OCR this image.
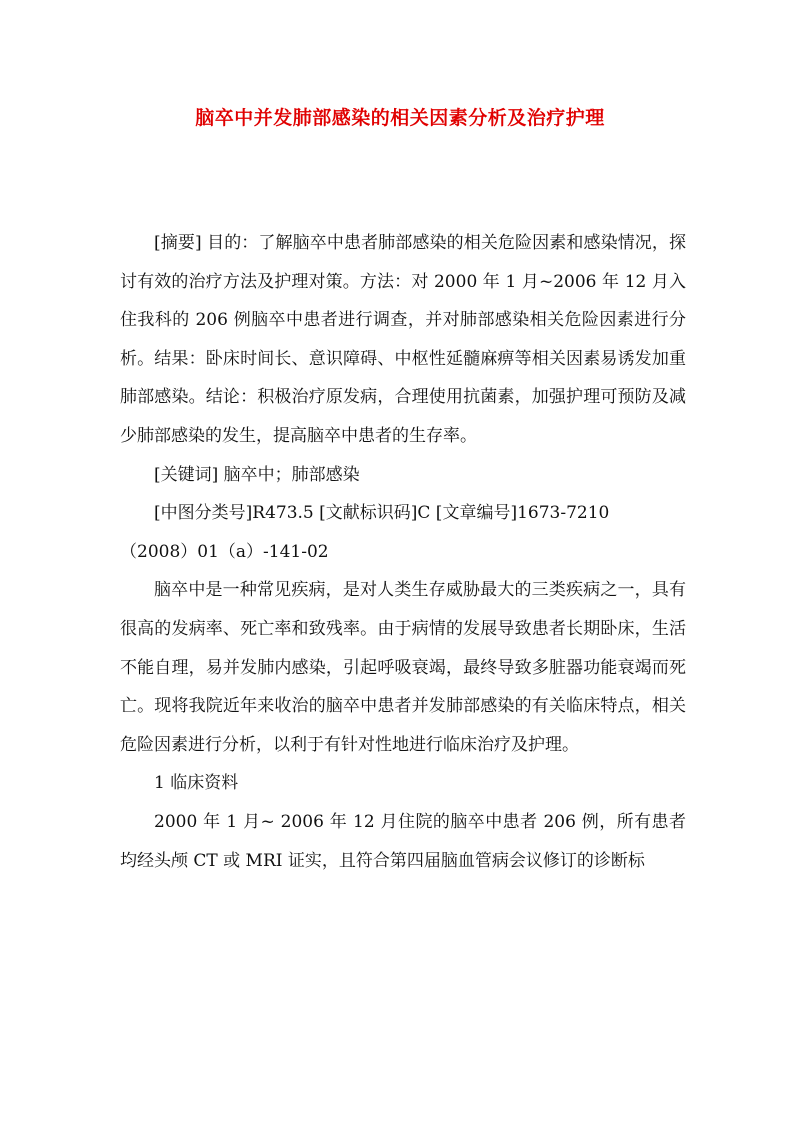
脑卒中并发肺部感染的相关因素分析及治疗护理

[摘要] 目的：了解脑卒中患者肺部感染的相关危险因素和感染情况，探讨有效的治疗方法及护理对策。方法：对 2000 年 1 月~2006 年 12 月入住我科的 206 例脑卒中患者进行调查，并对肺部感染相关危险因素进行分析。结果：卧床时间长、意识障碍、中枢性延髓麻痹等相关因素易诱发加重肺部感染。结论：积极治疗原发病，合理使用抗菌素，加强护理可预防及减少肺部感染的发生，提高脑卒中患者的生存率。

[关键词] 脑卒中；肺部感染

[中图分类号]R473.5 [文献标识码]C [文章编号]1673-7210

（2008）01（a）-141-02

脑卒中是一种常见疾病，是对人类生存威胁最大的三类疾病之一，具有很高的发病率、死亡率和致残率。由于病情的发展导致患者长期卧床，生活不能自理，易并发肺内感染，引起呼吸衰竭，最终导致多脏器功能衰竭而死亡。现将我院近年来收治的脑卒中患者并发肺部感染的有关临床特点，相关危险因素进行分析，以利于有针对性地进行临床治疗及护理。

1 临床资料

2000 年 1 月~ 2006 年 12 月住院的脑卒中患者 206 例，所有患者均经头颅 CT 或 MRI 证实，且符合第四届脑血管病会议修订的诊断标
